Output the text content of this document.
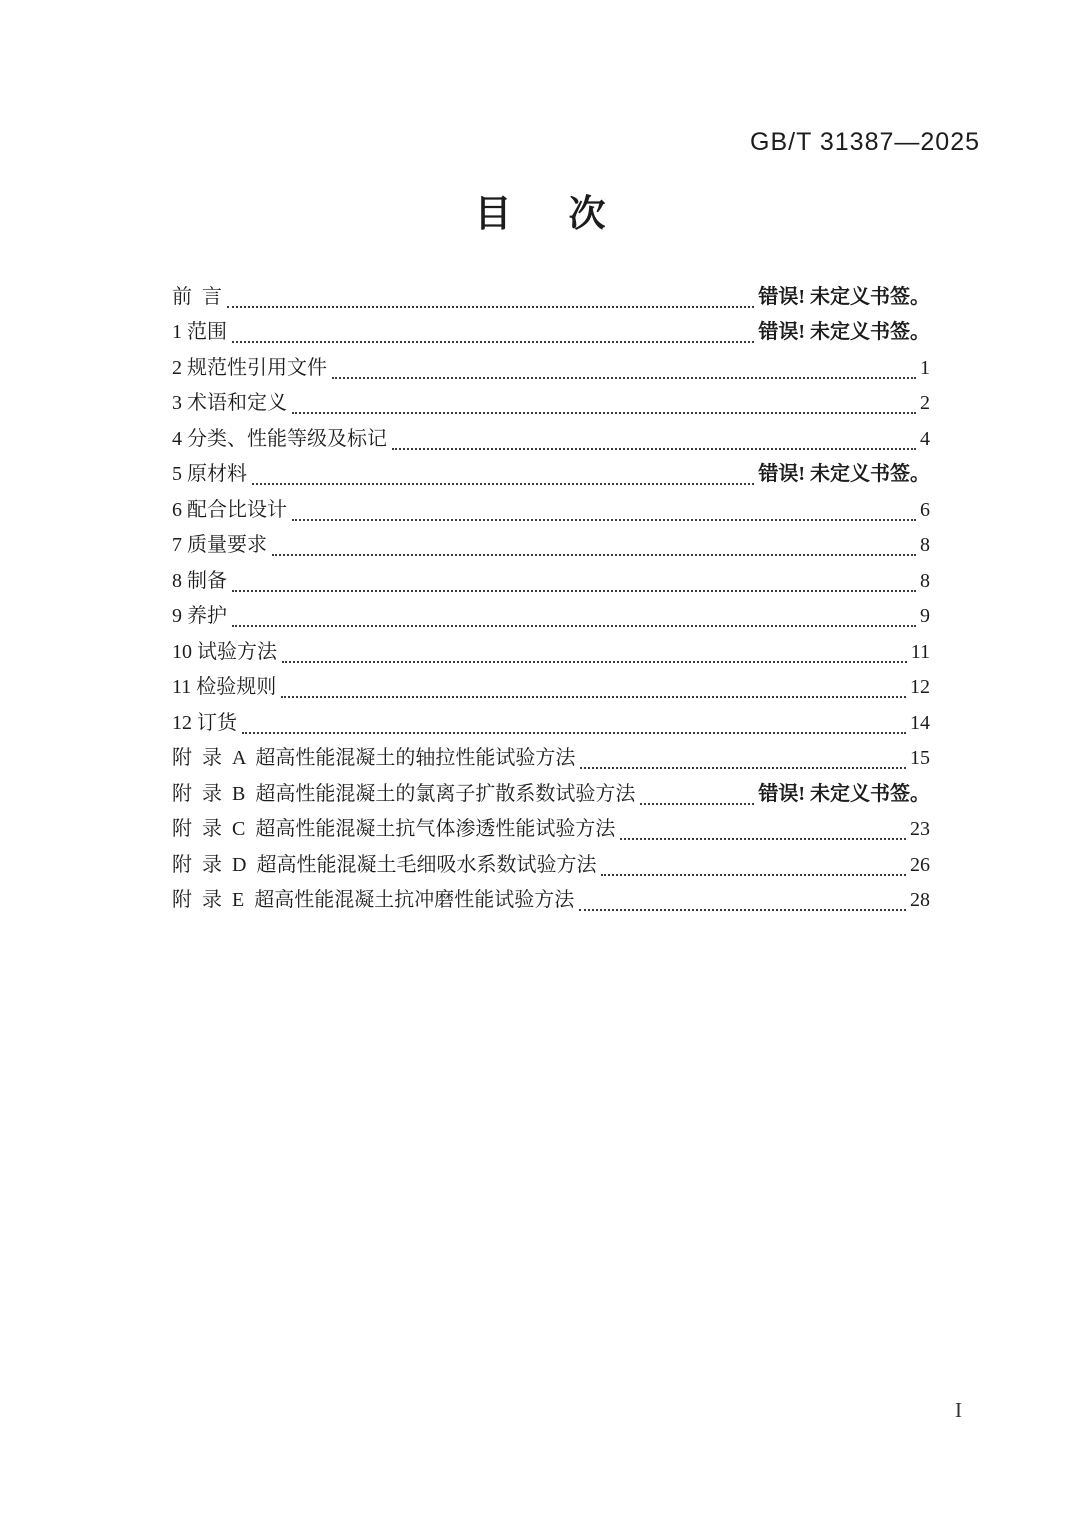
GB/T 31387—2025
目　次
前  言	错误! 未定义书签。
1 范围	错误! 未定义书签。
2 规范性引用文件	1
3 术语和定义	2
4 分类、性能等级及标记	4
5 原材料	错误! 未定义书签。
6 配合比设计	6
7 质量要求	8
8 制备	8
9 养护	9
10 试验方法	11
11 检验规则	12
12 订货	14
附  录  A  超高性能混凝土的轴拉性能试验方法	15
附  录  B  超高性能混凝土的氯离子扩散系数试验方法	错误! 未定义书签。
附  录  C  超高性能混凝土抗气体渗透性能试验方法	23
附  录  D  超高性能混凝土毛细吸水系数试验方法	26
附  录  E  超高性能混凝土抗冲磨性能试验方法	28
I
